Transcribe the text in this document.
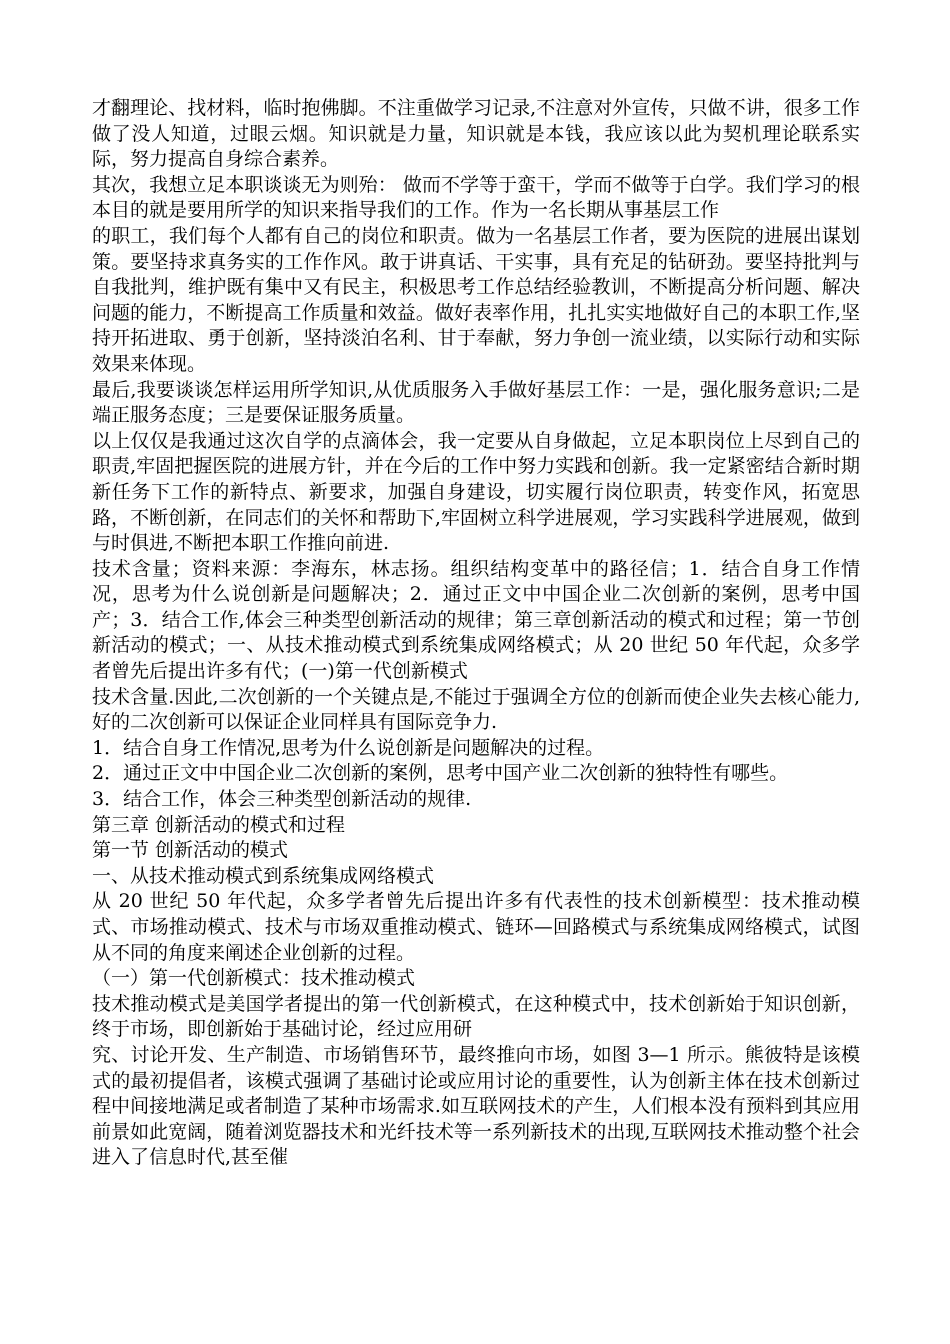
才翻理论、找材料，临时抱佛脚。不注重做学习记录,不注意对外宣传，只做不讲，很多工作做了没人知道，过眼云烟。知识就是力量，知识就是本钱，我应该以此为契机理论联系实际，努力提高自身综合素养。

其次，我想立足本职谈谈无为则殆： 做而不学等于蛮干，学而不做等于白学。我们学习的根本目的就是要用所学的知识来指导我们的工作。作为一名长期从事基层工作

的职工，我们每个人都有自己的岗位和职责。做为一名基层工作者，要为医院的进展出谋划策。要坚持求真务实的工作作风。敢于讲真话、干实事，具有充足的钻研劲。要坚持批判与自我批判，维护既有集中又有民主，积极思考工作总结经验教训，不断提高分析问题、解决问题的能力，不断提高工作质量和效益。做好表率作用，扎扎实实地做好自己的本职工作,坚持开拓进取、勇于创新，坚持淡泊名利、甘于奉献，努力争创一流业绩，以实际行动和实际效果来体现。

最后,我要谈谈怎样运用所学知识,从优质服务入手做好基层工作：一是，强化服务意识;二是端正服务态度；三是要保证服务质量。

以上仅仅是我通过这次自学的点滴体会，我一定要从自身做起，立足本职岗位上尽到自己的职责,牢固把握医院的进展方针，并在今后的工作中努力实践和创新。我一定紧密结合新时期新任务下工作的新特点、新要求，加强自身建设，切实履行岗位职责，转变作风，拓宽思路，不断创新，在同志们的关怀和帮助下,牢固树立科学进展观，学习实践科学进展观，做到与时俱进,不断把本职工作推向前进.

技术含量；资料来源：李海东，林志扬。组织结构变革中的路径信；1．结合自身工作情况，思考为什么说创新是问题解决；2．通过正文中中国企业二次创新的案例，思考中国产；3．结合工作,体会三种类型创新活动的规律；第三章创新活动的模式和过程；第一节创新活动的模式；一、从技术推动模式到系统集成网络模式；从 20 世纪 50 年代起，众多学者曾先后提出许多有代；(一)第一代创新模式

技术含量.因此,二次创新的一个关键点是,不能过于强调全方位的创新而使企业失去核心能力,好的二次创新可以保证企业同样具有国际竞争力.

1．结合自身工作情况,思考为什么说创新是问题解决的过程。

2．通过正文中中国企业二次创新的案例，思考中国产业二次创新的独特性有哪些。

3．结合工作，体会三种类型创新活动的规律.

第三章 创新活动的模式和过程

第一节 创新活动的模式

一、从技术推动模式到系统集成网络模式

从 20 世纪 50 年代起，众多学者曾先后提出许多有代表性的技术创新模型：技术推动模式、市场推动模式、技术与市场双重推动模式、链环—回路模式与系统集成网络模式，试图从不同的角度来阐述企业创新的过程。

（一）第一代创新模式：技术推动模式

技术推动模式是美国学者提出的第一代创新模式，在这种模式中，技术创新始于知识创新，终于市场，即创新始于基础讨论，经过应用研

究、讨论开发、生产制造、市场销售环节，最终推向市场，如图 3—1 所示。熊彼特是该模式的最初提倡者，该模式强调了基础讨论或应用讨论的重要性，认为创新主体在技术创新过程中间接地满足或者制造了某种市场需求.如互联网技术的产生，人们根本没有预料到其应用前景如此宽阔，随着浏览器技术和光纤技术等一系列新技术的出现,互联网技术推动整个社会进入了信息时代,甚至催
